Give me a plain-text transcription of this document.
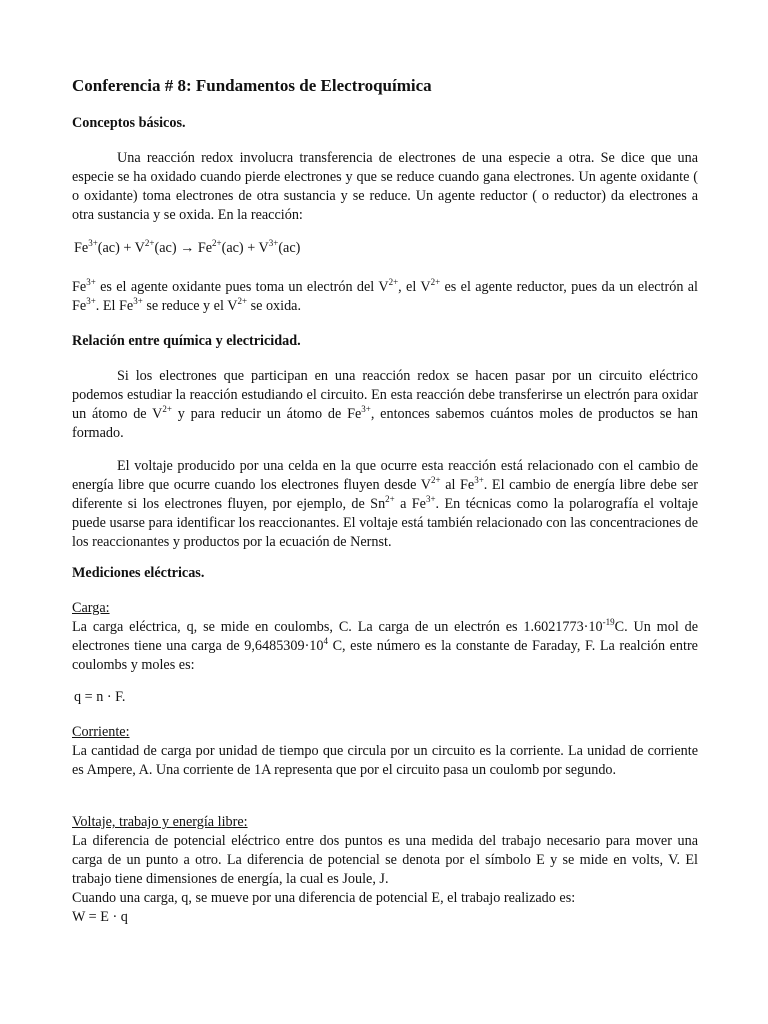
Conferencia # 8: Fundamentos de Electroquímica
Conceptos básicos.

Una reacción redox involucra transferencia de electrones de una especie a otra. Se dice que una especie se ha oxidado cuando pierde electrones y que se reduce cuando gana electrones. Un agente oxidante ( o oxidante) toma electrones de otra sustancia y se reduce. Un agente reductor ( o reductor) da electrones a otra sustancia y se oxida. En la reacción:

$Fe^{3+}(ac) + V^{2+}(ac) \to Fe^{2+}(ac) + V^{3+}(ac)$

$Fe^{3+}$ es el agente oxidante pues toma un electrón del $V^{2+}$, el $V^{2+}$ es el agente reductor, pues da un electrón al $Fe^{3+}$. El $Fe^{3+}$ se reduce y el $V^{2+}$ se oxida.

Relación entre química y electricidad.

Si los electrones que participan en una reacción redox se hacen pasar por un circuito eléctrico podemos estudiar la reacción estudiando el circuito. En esta reacción debe transferirse un electrón para oxidar un átomo de $V^{2+}$ y para reducir un átomo de $Fe^{3+}$, entonces sabemos cuántos moles de productos se han formado.

El voltaje producido por una celda en la que ocurre esta reacción está relacionado con el cambio de energía libre que ocurre cuando los electrones fluyen desde $V^{2+}$ al $Fe^{3+}$. El cambio de energía libre debe ser diferente si los electrones fluyen, por ejemplo, de $Sn^{2+}$ a $Fe^{3+}$. En técnicas como la polarografía el voltaje puede usarse para identificar los reaccionantes. El voltaje está también relacionado con las concentraciones de los reaccionantes y productos por la ecuación de Nernst.

Mediciones eléctricas.

Carga:

La carga eléctrica, q, se mide en coulombs, C. La carga de un electrón es $1.6021773\cdot 10^{-19}C$. Un mol de electrones tiene una carga de $9,6485309\cdot 10^4$ C, este número es la constante de Faraday, F. La realción entre coulombs y moles es:

q = n · F.

Corriente:

La cantidad de carga por unidad de tiempo que circula por un circuito es la corriente. La unidad de corriente es Ampere, A. Una corriente de 1A representa que por el circuito pasa un coulomb por segundo.

Voltaje, trabajo y energía libre:

La diferencia de potencial eléctrico entre dos puntos es una medida del trabajo necesario para mover una carga de un punto a otro. La diferencia de potencial se denota por el símbolo E y se mide en volts, V. El trabajo tiene dimensiones de energía, la cual es Joule, J.

Cuando una carga, q, se mueve por una diferencia de potencial E, el trabajo realizado es:

W = E · q
